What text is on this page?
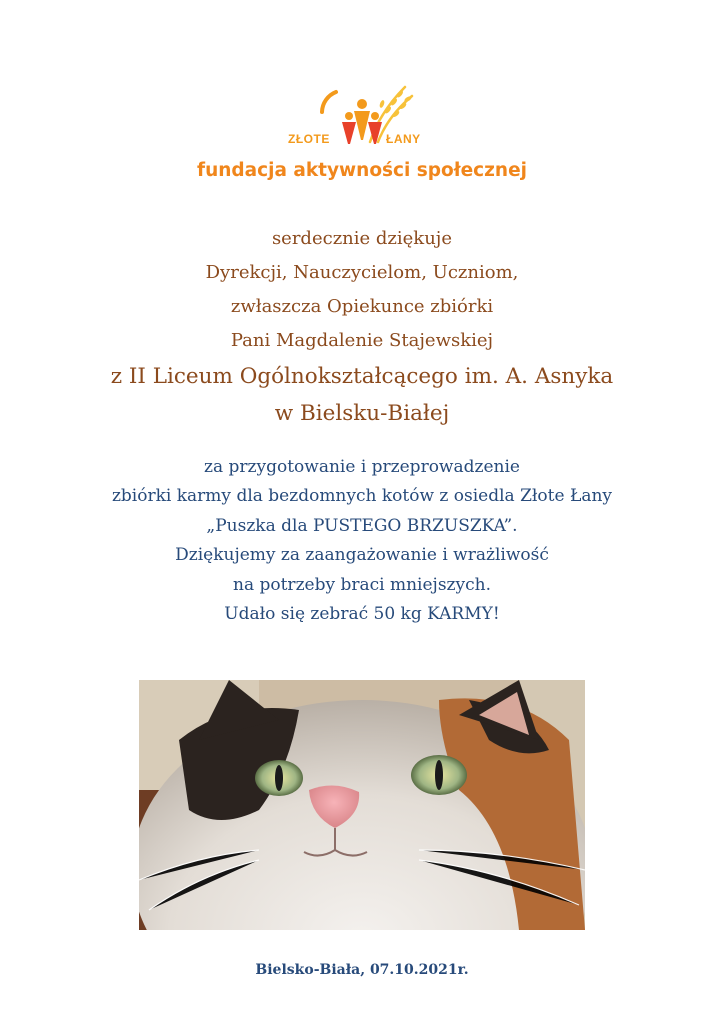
ZŁOTE	ŁANY
fundacja aktywności społecznej
serdecznie dziękuje
Dyrekcji, Nauczycielom, Uczniom,
zwłaszcza Opiekunce zbiórki
Pani Magdalenie Stajewskiej
z II Liceum Ogólnokształcącego im. A. Asnyka
w Bielsku-Białej
za przygotowanie i przeprowadzenie
zbiórki karmy dla bezdomnych kotów z osiedla Złote Łany
„Puszka dla PUSTEGO BRZUSZKA”.
Dziękujemy za zaangażowanie i wrażliwość
na potrzeby braci mniejszych.
Udało się zebrać 50 kg KARMY!
Bielsko-Biała, 07.10.2021r.
